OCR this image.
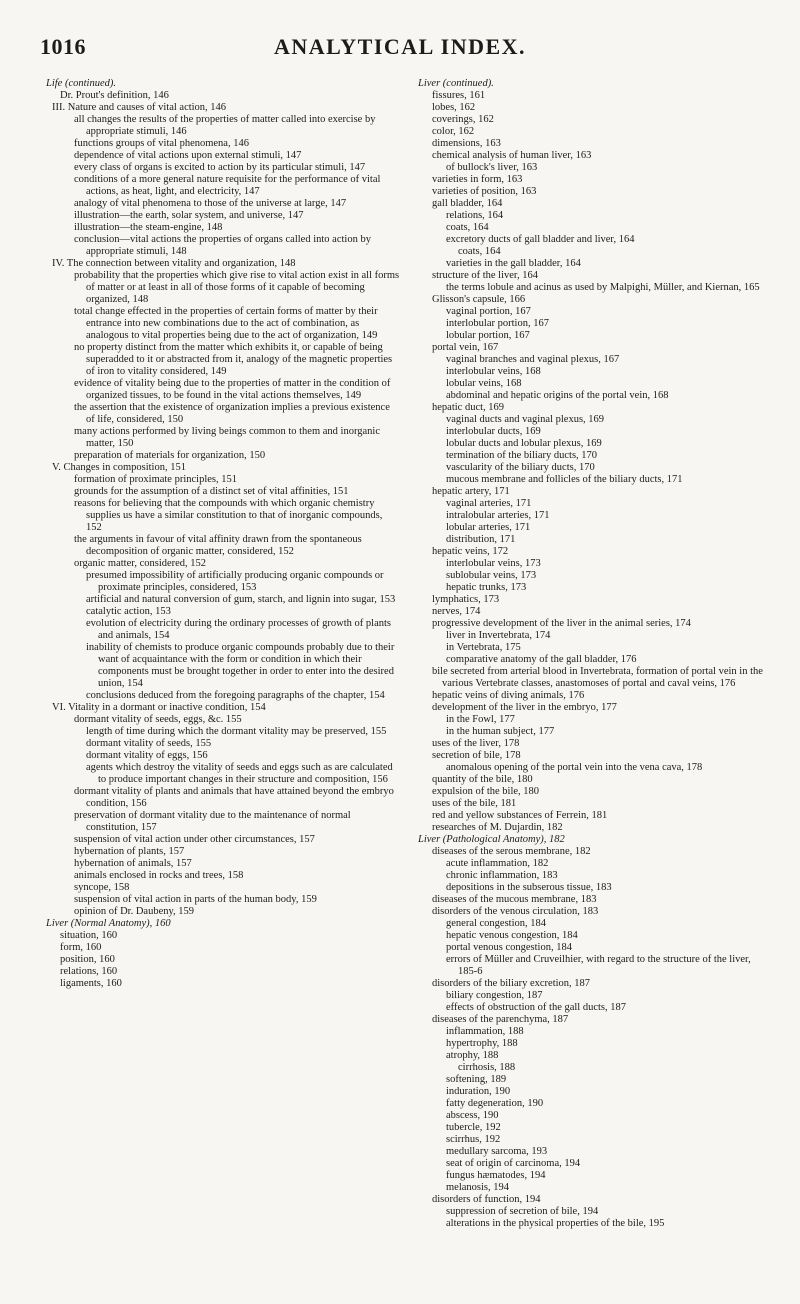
1016	ANALYTICAL INDEX.

Life (continued).

Dr. Prout's definition, 146

III. Nature and causes of vital action, 146

all changes the results of the properties of matter called into exercise by appropriate stimuli, 146

functions groups of vital phenomena, 146

dependence of vital actions upon external stimuli, 147

every class of organs is excited to action by its particular stimuli, 147

conditions of a more general nature requisite for the performance of vital actions, as heat, light, and electricity, 147

analogy of vital phenomena to those of the universe at large, 147

illustration—the earth, solar system, and universe, 147

illustration—the steam-engine, 148

conclusion—vital actions the properties of organs called into action by appropriate stimuli, 148

IV. The connection between vitality and organization, 148

probability that the properties which give rise to vital action exist in all forms of matter or at least in all of those forms of it capable of becoming organized, 148

total change effected in the properties of certain forms of matter by their entrance into new combinations due to the act of combination, as analogous to vital properties being due to the act of organization, 149

no property distinct from the matter which exhibits it, or capable of being superadded to it or abstracted from it, analogy of the magnetic properties of iron to vitality considered, 149

evidence of vitality being due to the properties of matter in the condition of organized tissues, to be found in the vital actions themselves, 149

the assertion that the existence of organization implies a previous existence of life, considered, 150

many actions performed by living beings common to them and inorganic matter, 150

preparation of materials for organization, 150

V. Changes in composition, 151

formation of proximate principles, 151

grounds for the assumption of a distinct set of vital affinities, 151

reasons for believing that the compounds with which organic chemistry supplies us have a similar constitution to that of inorganic compounds, 152

the arguments in favour of vital affinity drawn from the spontaneous decomposition of organic matter, considered, 152

organic matter, considered, 152

presumed impossibility of artificially producing organic compounds or proximate principles, considered, 153

artificial and natural conversion of gum, starch, and lignin into sugar, 153

catalytic action, 153

evolution of electricity during the ordinary processes of growth of plants and animals, 154

inability of chemists to produce organic compounds probably due to their want of acquaintance with the form or condition in which their components must be brought together in order to enter into the desired union, 154

conclusions deduced from the foregoing paragraphs of the chapter, 154

VI. Vitality in a dormant or inactive condition, 154

dormant vitality of seeds, eggs, &c. 155

length of time during which the dormant vitality may be preserved, 155

dormant vitality of seeds, 155

dormant vitality of eggs, 156

agents which destroy the vitality of seeds and eggs such as are calculated to produce important changes in their structure and composition, 156

dormant vitality of plants and animals that have attained beyond the embryo condition, 156

preservation of dormant vitality due to the maintenance of normal constitution, 157

suspension of vital action under other circumstances, 157

hybernation of plants, 157

hybernation of animals, 157

animals enclosed in rocks and trees, 158

syncope, 158

suspension of vital action in parts of the human body, 159

opinion of Dr. Daubeny, 159

Liver (Normal Anatomy), 160

situation, 160

form, 160

position, 160

relations, 160

ligaments, 160

Liver (continued).

fissures, 161

lobes, 162

coverings, 162

color, 162

dimensions, 163

chemical analysis of human liver, 163

of bullock's liver, 163

varieties in form, 163

varieties of position, 163

gall bladder, 164

relations, 164

coats, 164

excretory ducts of gall bladder and liver, 164

coats, 164

varieties in the gall bladder, 164

structure of the liver, 164

the terms lobule and acinus as used by Malpighi, Müller, and Kiernan, 165

Glisson's capsule, 166

vaginal portion, 167

interlobular portion, 167

lobular portion, 167

portal vein, 167

vaginal branches and vaginal plexus, 167

interlobular veins, 168

lobular veins, 168

abdominal and hepatic origins of the portal vein, 168

hepatic duct, 169

vaginal ducts and vaginal plexus, 169

interlobular ducts, 169

lobular ducts and lobular plexus, 169

termination of the biliary ducts, 170

vascularity of the biliary ducts, 170

mucous membrane and follicles of the biliary ducts, 171

hepatic artery, 171

vaginal arteries, 171

intralobular arteries, 171

lobular arteries, 171

distribution, 171

hepatic veins, 172

interlobular veins, 173

sublobular veins, 173

hepatic trunks, 173

lymphatics, 173

nerves, 174

progressive development of the liver in the animal series, 174

liver in Invertebrata, 174

in Vertebrata, 175

comparative anatomy of the gall bladder, 176

bile secreted from arterial blood in Invertebrata, formation of portal vein in the various Vertebrate classes, anastomoses of portal and caval veins, 176

hepatic veins of diving animals, 176

development of the liver in the embryo, 177

in the Fowl, 177

in the human subject, 177

uses of the liver, 178

secretion of bile, 178

anomalous opening of the portal vein into the vena cava, 178

quantity of the bile, 180

expulsion of the bile, 180

uses of the bile, 181

red and yellow substances of Ferrein, 181

researches of M. Dujardin, 182

Liver (Pathological Anatomy), 182

diseases of the serous membrane, 182

acute inflammation, 182

chronic inflammation, 183

depositions in the subserous tissue, 183

diseases of the mucous membrane, 183

disorders of the venous circulation, 183

general congestion, 184

hepatic venous congestion, 184

portal venous congestion, 184

errors of Müller and Cruveilhier, with regard to the structure of the liver, 185-6

disorders of the biliary excretion, 187

biliary congestion, 187

effects of obstruction of the gall ducts, 187

diseases of the parenchyma, 187

inflammation, 188

hypertrophy, 188

atrophy, 188

cirrhosis, 188

softening, 189

induration, 190

fatty degeneration, 190

abscess, 190

tubercle, 192

scirrhus, 192

medullary sarcoma, 193

seat of origin of carcinoma, 194

fungus hæmatodes, 194

melanosis, 194

disorders of function, 194

suppression of secretion of bile, 194

alterations in the physical properties of the bile, 195
